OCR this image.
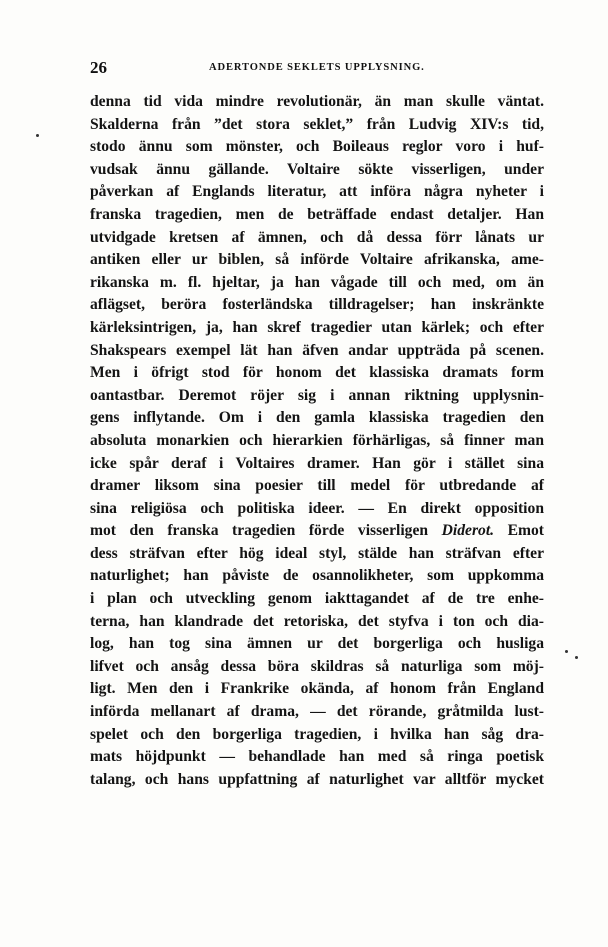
26	ADERTONDE SEKLETS UPPLYSNING.
denna tid vida mindre revolutionär, än man skulle väntat.
Skalderna från ”det stora seklet,” från Ludvig XIV:s tid,
stodo ännu som mönster, och Boileaus reglor voro i huf-
vudsak ännu gällande. Voltaire sökte visserligen, under
påverkan af Englands literatur, att införa några nyheter i
franska tragedien, men de beträffade endast detaljer. Han
utvidgade kretsen af ämnen, och då dessa förr lånats ur
antiken eller ur biblen, så införde Voltaire afrikanska, ame-
rikanska m. fl. hjeltar, ja han vågade till och med, om än
aflägset, beröra fosterländska tilldragelser; han inskränkte
kärleksintrigen, ja, han skref tragedier utan kärlek; och efter
Shakspears exempel lät han äfven andar uppträda på scenen.
Men i öfrigt stod för honom det klassiska dramats form
oantastbar. Deremot röjer sig i annan riktning upplysnin-
gens inflytande. Om i den gamla klassiska tragedien den
absoluta monarkien och hierarkien förhärligas, så finner man
icke spår deraf i Voltaires dramer. Han gör i stället sina
dramer liksom sina poesier till medel för utbredande af
sina religiösa och politiska ideer. — En direkt opposition
mot den franska tragedien förde visserligen Diderot. Emot
dess sträfvan efter hög ideal styl, stälde han sträfvan efter
naturlighet; han påviste de osannolikheter, som uppkomma
i plan och utveckling genom iakttagandet af de tre enhe-
terna, han klandrade det retoriska, det styfva i ton och dia-
log, han tog sina ämnen ur det borgerliga och husliga
lifvet och ansåg dessa böra skildras så naturliga som möj-
ligt. Men den i Frankrike okända, af honom från England
införda mellanart af drama, — det rörande, gråtmilda lust-
spelet och den borgerliga tragedien, i hvilka han såg dra-
mats höjdpunkt — behandlade han med så ringa poetisk
talang, och hans uppfattning af naturlighet var alltför mycket
